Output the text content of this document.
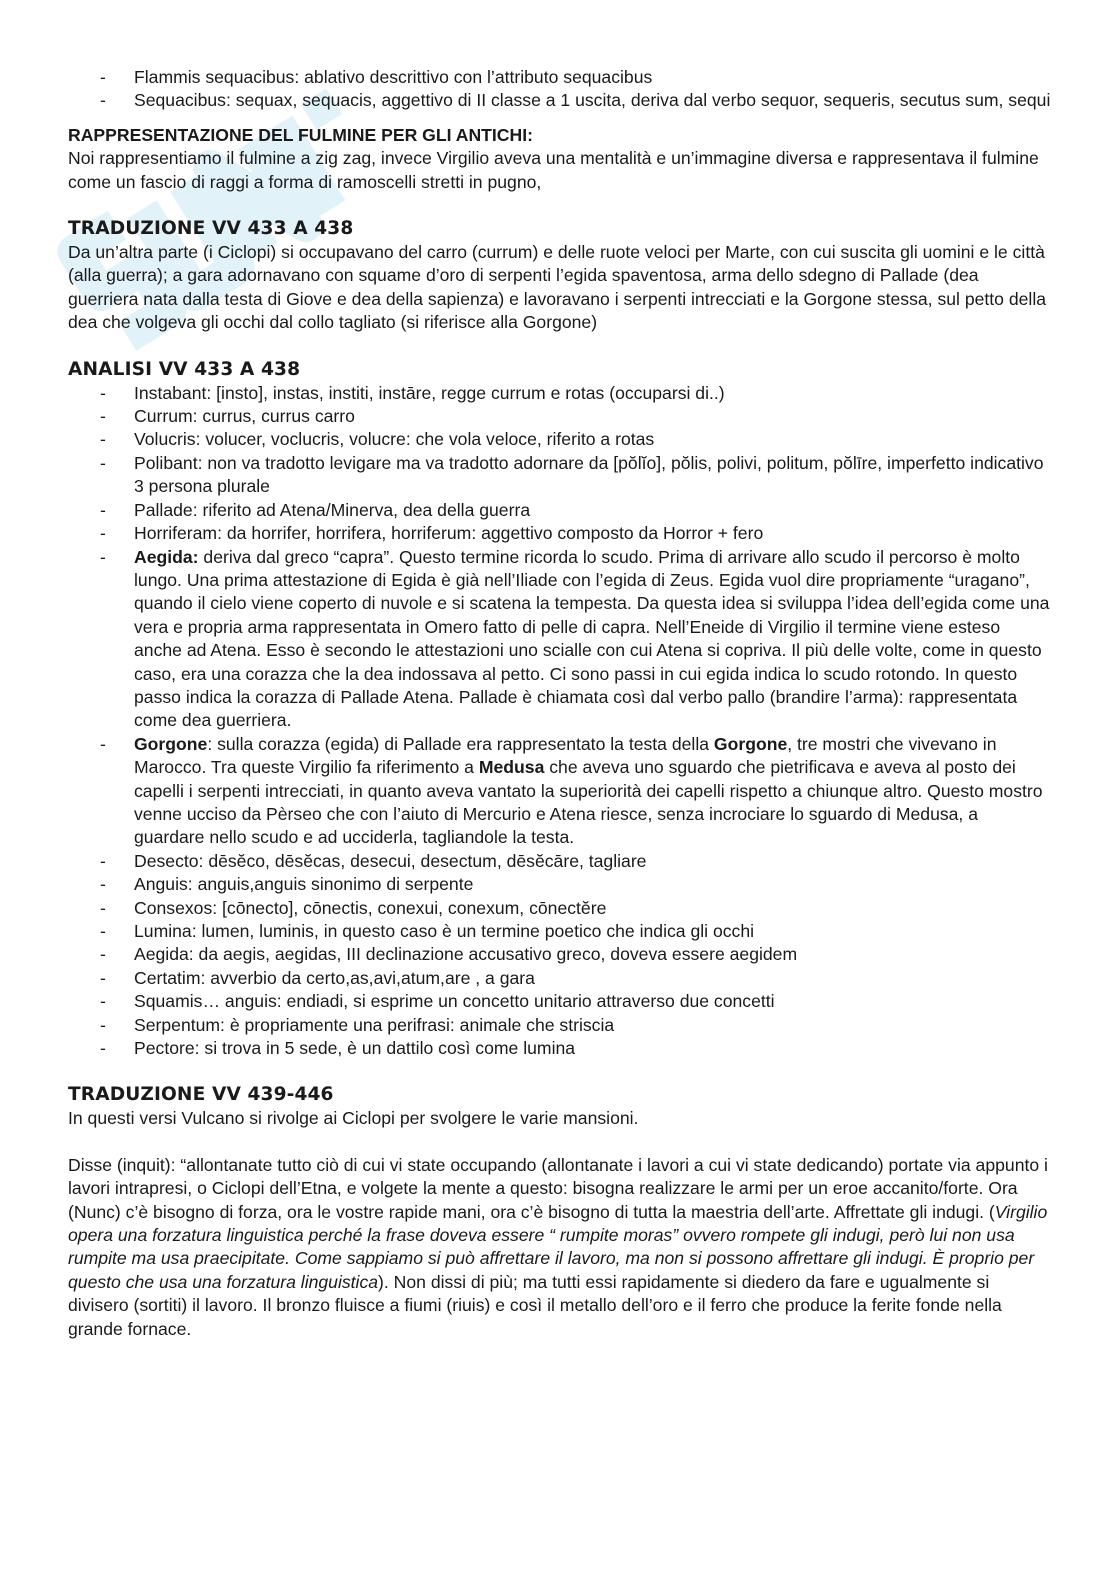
- Flammis sequacibus: ablativo descrittivo con l’attributo sequacibus
- Sequacibus: sequax, sequacis, aggettivo di II classe a 1 uscita, deriva dal verbo sequor, sequeris, secutus sum, sequi

RAPPRESENTAZIONE DEL FULMINE PER GLI ANTICHI:

Noi rappresentiamo il fulmine a zig zag, invece Virgilio aveva una mentalità e un’immagine diversa e rappresentava il fulmine come un fascio di raggi a forma di ramoscelli stretti in pugno,

TRADUZIONE VV 433 A 438

Da un’altra parte (i Ciclopi) si occupavano del carro (currum) e delle ruote veloci per Marte, con cui suscita gli uomini e le città (alla guerra); a gara adornavano con squame d’oro di serpenti l’egida spaventosa, arma dello sdegno di Pallade (dea guerriera nata dalla testa di Giove e dea della sapienza) e lavoravano i serpenti intrecciati e la Gorgone stessa, sul petto della dea che volgeva gli occhi dal collo tagliato (si riferisce alla Gorgone)

ANALISI VV 433 A 438

- Instabant: [insto], instas, institi, instāre, regge currum e rotas (occuparsi di..)
- Currum: currus, currus carro
- Volucris: volucer, voclucris, volucre: che vola veloce, riferito a rotas
- Polibant: non va tradotto levigare ma va tradotto adornare da [pŏlĭo], pŏlis, polivi, politum, pŏlīre, imperfetto indicativo 3 persona plurale
- Pallade: riferito ad Atena/Minerva, dea della guerra
- Horriferam: da horrifer, horrifera, horriferum: aggettivo composto da Horror + fero
- Aegida: deriva dal greco “capra”. Questo termine ricorda lo scudo. Prima di arrivare allo scudo il percorso è molto lungo. Una prima attestazione di Egida è già nell’Iliade con l’egida di Zeus. Egida vuol dire propriamente “uragano”, quando il cielo viene coperto di nuvole e si scatena la tempesta. Da questa idea si sviluppa l’idea dell’egida come una vera e propria arma rappresentata in Omero fatto di pelle di capra. Nell’Eneide di Virgilio il termine viene esteso anche ad Atena. Esso è secondo le attestazioni uno scialle con cui Atena si copriva. Il più delle volte, come in questo caso, era una corazza che la dea indossava al petto. Ci sono passi in cui egida indica lo scudo rotondo. In questo passo indica la corazza di Pallade Atena. Pallade è chiamata così dal verbo pallo (brandire l’arma): rappresentata come dea guerriera.
- Gorgone: sulla corazza (egida) di Pallade era rappresentato la testa della Gorgone, tre mostri che vivevano in Marocco. Tra queste Virgilio fa riferimento a Medusa che aveva uno sguardo che pietrificava e aveva al posto dei capelli i serpenti intrecciati, in quanto aveva vantato la superiorità dei capelli rispetto a chiunque altro. Questo mostro venne ucciso da Pèrseo che con l’aiuto di Mercurio e Atena riesce, senza incrociare lo sguardo di Medusa, a guardare nello scudo e ad ucciderla, tagliandole la testa.
- Desecto: dēsĕco, dēsĕcas, desecui, desectum, dēsĕcāre, tagliare
- Anguis: anguis,anguis sinonimo di serpente
- Consexos: [cōnecto], cōnectis, conexui, conexum, cōnectĕre
- Lumina: lumen, luminis, in questo caso è un termine poetico che indica gli occhi
- Aegida: da aegis, aegidas, III declinazione accusativo greco, doveva essere aegidem
- Certatim: avverbio da certo,as,avi,atum,are , a gara
- Squamis… anguis: endiadi, si esprime un concetto unitario attraverso due concetti
- Serpentum: è propriamente una perifrasi: animale che striscia
- Pectore: si trova in 5 sede, è un dattilo così come lumina

TRADUZIONE VV 439-446

In questi versi Vulcano si rivolge ai Ciclopi per svolgere le varie mansioni.

Disse (inquit): “allontanate tutto ciò di cui vi state occupando (allontanate i lavori a cui vi state dedicando) portate via appunto i lavori intrapresi, o Ciclopi dell’Etna, e volgete la mente a questo: bisogna realizzare le armi per un eroe accanito/forte. Ora (Nunc) c’è bisogno di forza, ora le vostre rapide mani, ora c’è bisogno di tutta la maestria dell’arte. Affrettate gli indugi. (Virgilio opera una forzatura linguistica perché la frase doveva essere “ rumpite moras” ovvero rompete gli indugi, però lui non usa rumpite ma usa praecipitate. Come sappiamo si può affrettare il lavoro, ma non si possono affrettare gli indugi. È proprio per questo che usa una forzatura linguistica). Non dissi di più; ma tutti essi rapidamente si diedero da fare e ugualmente si divisero (sortiti) il lavoro. Il bronzo fluisce a fiumi (riuis) e così il metallo dell’oro e il ferro che produce la ferite fonde nella grande fornace.
